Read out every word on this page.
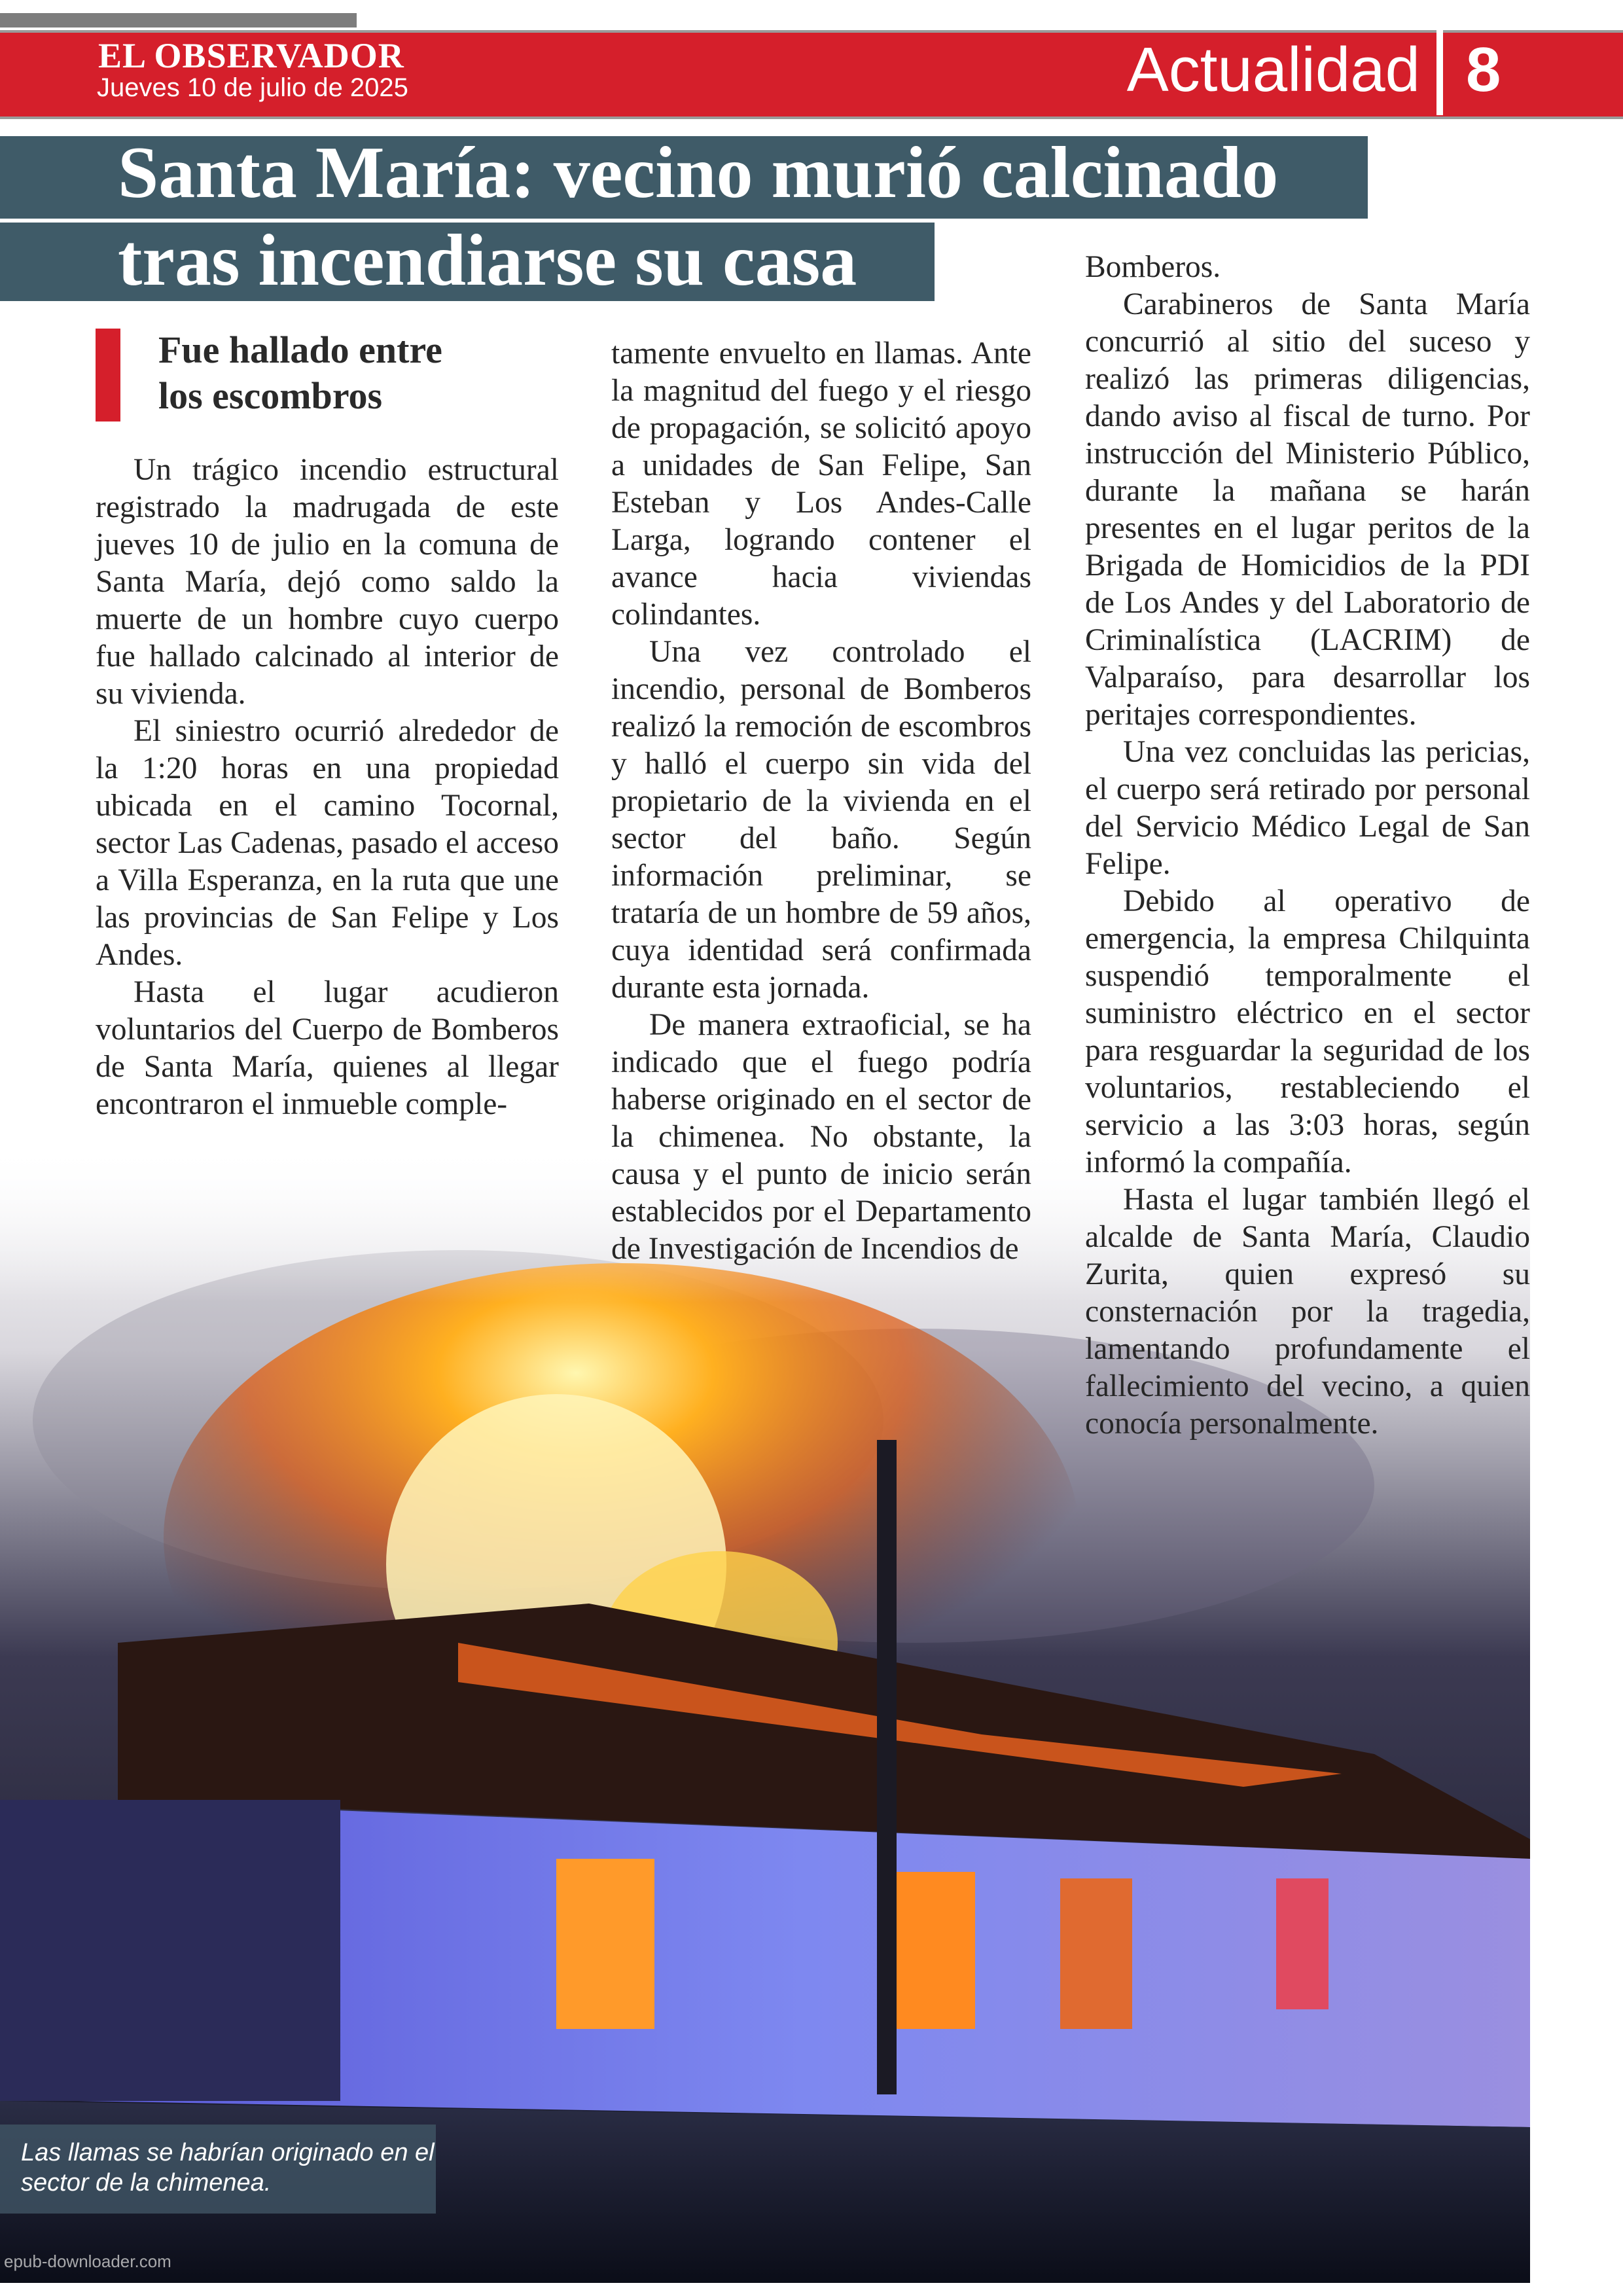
EL OBSERVADOR
Jueves 10 de julio de 2025	Actualidad 8
Santa María: vecino murió calcinado
tras incendiarse su casa
Fue hallado entre
los escombros

Un trágico incendio estructural registrado la madrugada de este jueves 10 de julio en la comuna de Santa María, dejó como saldo la muerte de un hombre cuyo cuerpo fue hallado calcinado al interior de su vivienda.

El siniestro ocurrió alrededor de la 1:20 horas en una propiedad ubicada en el camino Tocornal, sector Las Cadenas, pasado el acceso a Villa Esperanza, en la ruta que une las provincias de San Felipe y Los Andes.

Hasta el lugar acudieron voluntarios del Cuerpo de Bomberos de Santa María, quienes al llegar encontraron el inmueble comple-

tamente envuelto en llamas. Ante la magnitud del fuego y el riesgo de propagación, se solicitó apoyo a unidades de San Felipe, San Esteban y Los Andes-Calle Larga, logrando contener el avance hacia viviendas colindantes.

Una vez controlado el incendio, personal de Bomberos realizó la remoción de escombros y halló el cuerpo sin vida del propietario de la vivienda en el sector del baño. Según información preliminar, se trataría de un hombre de 59 años, cuya identidad será confirmada durante esta jornada.

De manera extraoficial, se ha indicado que el fuego podría haberse originado en el sector de la chimenea. No obstante, la causa y el punto de inicio serán establecidos por el Departamento de Investigación de Incendios de

Bomberos.

Carabineros de Santa María concurrió al sitio del suceso y realizó las primeras diligencias, dando aviso al fiscal de turno. Por instrucción del Ministerio Público, durante la mañana se harán presentes en el lugar peritos de la Brigada de Homicidios de la PDI de Los Andes y del Laboratorio de Criminalística (LACRIM) de Valparaíso, para desarrollar los peritajes correspondientes.

Una vez concluidas las pericias, el cuerpo será retirado por personal del Servicio Médico Legal de San Felipe.

Debido al operativo de emergencia, la empresa Chilquinta suspendió temporalmente el suministro eléctrico en el sector para resguardar la seguridad de los voluntarios, restableciendo el servicio a las 3:03 horas, según informó la compañía.

Hasta el lugar también llegó el alcalde de Santa María, Claudio Zurita, quien expresó su consternación por la tragedia, lamentando profundamente el fallecimiento del vecino, a quien conocía personalmente.

Las llamas se habrían originado en el sector de la chimenea.
epub-downloader.com
